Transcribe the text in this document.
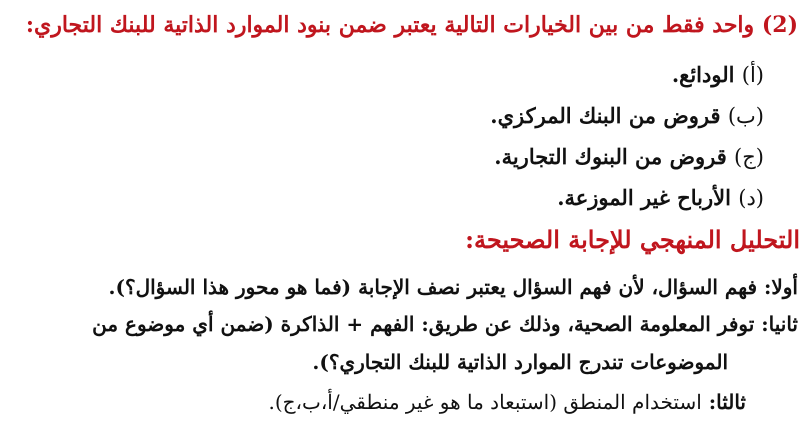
(2) واحد فقط من بين الخيارات التالية يعتبر ضمن بنود الموارد الذاتية للبنك التجاري:
(أ) الودائع.
(ب) قروض من البنك المركزي.
(ج) قروض من البنوك التجارية.
(د) الأرباح غير الموزعة.
التحليل المنهجي للإجابة الصحيحة:
أولا: فهم السؤال، لأن فهم السؤال يعتبر نصف الإجابة (فما هو محور هذا السؤال؟).
ثانيا: توفر المعلومة الصحية، وذلك عن طريق: الفهم + الذاكرة (ضمن أي موضوع من
الموضوعات تندرج الموارد الذاتية للبنك التجاري؟).
ثالثا: استخدام المنطق (استبعاد ما هو غير منطقي/أ،ب،ج).
